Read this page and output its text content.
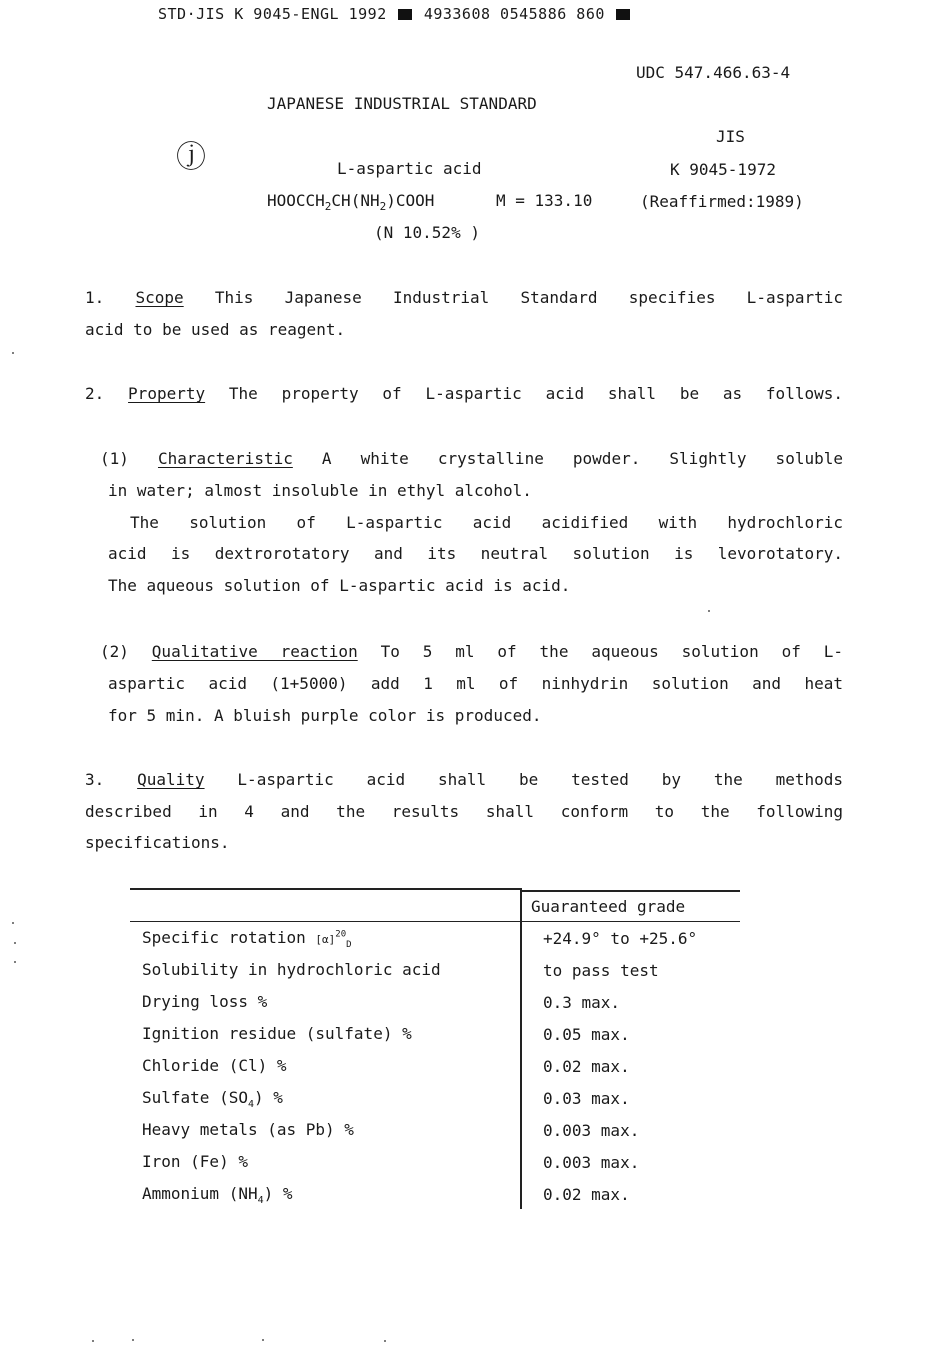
STD·JIS K 9045-ENGL 1992 4933608 0545886 860
UDC 547.466.63-4
JAPANESE INDUSTRIAL STANDARD
JIS
ⓙ	L-aspartic acid	K 9045-1972
$HOOCCH_2CH(NH_2)COOH$	M = 133.10	(Reaffirmed:1989)
(N 10.52% )
1. Scope This Japanese Industrial Standard specifies L-aspartic
acid to be used as reagent.
2. Property The property of L-aspartic acid shall be as follows.
(1) Characteristic A white crystalline powder. Slightly soluble
in water; almost insoluble in ethyl alcohol.
The solution of L-aspartic acid acidified with hydrochloric
acid is dextrorotatory and its neutral solution is levorotatory.
The aqueous solution of L-aspartic acid is acid.
(2) Qualitative reaction To 5 ml of the aqueous solution of L-
aspartic acid (1+5000) add 1 ml of ninhydrin solution and heat
for 5 min. A bluish purple color is produced.
3. Quality L-aspartic acid shall be tested by the methods
described in 4 and the results shall conform to the following
specifications.
Guaranteed grade
Specific rotation $[\alpha]^{20}_D$	+24.9° to +25.6°
Solubility in hydrochloric acid	to pass test
Drying loss %	0.3 max.
Ignition residue (sulfate) %	0.05 max.
Chloride (Cl) %	0.02 max.
Sulfate $(SO_4)$ %	0.03 max.
Heavy metals (as Pb) %	0.003 max.
Iron (Fe) %	0.003 max.
Ammonium $(NH_4)$ %	0.02 max.
